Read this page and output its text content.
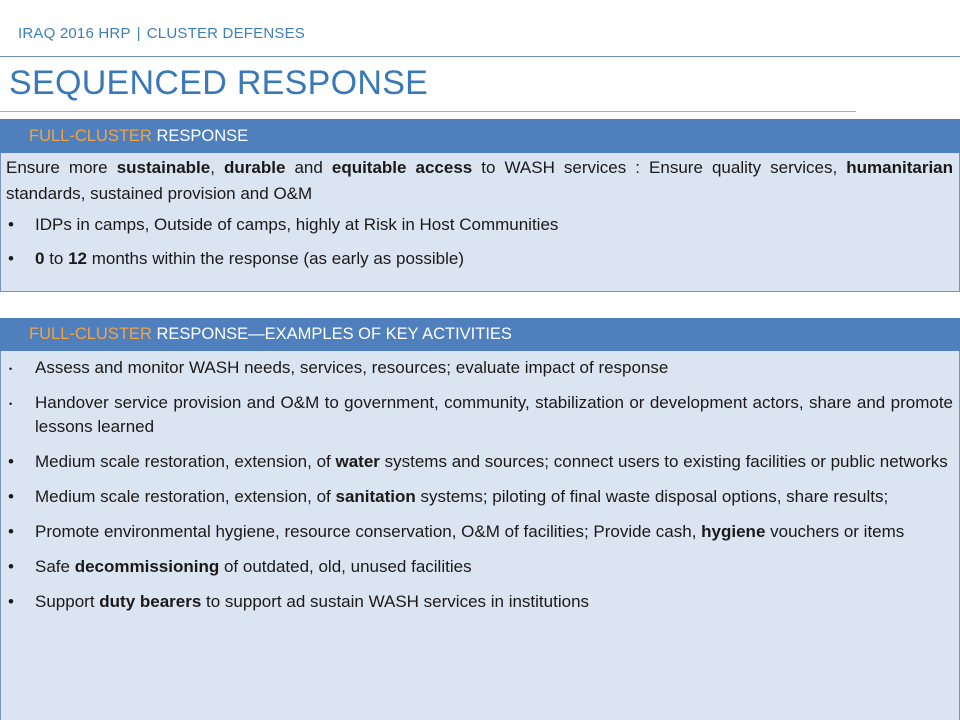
IRAQ 2016 HRP | CLUSTER DEFENSES
SEQUENCED RESPONSE
FULL-CLUSTER RESPONSE
Ensure more sustainable, durable and equitable access to WASH services : Ensure quality services, humanitarian standards, sustained provision and O&M
• IDPs in camps, Outside of camps, highly at Risk in Host Communities
• 0 to 12 months within the response (as early as possible)
FULL-CLUSTER RESPONSE—EXAMPLES OF KEY ACTIVITIES
• Assess and monitor WASH needs, services, resources; evaluate impact of response
• Handover service provision and O&M to government, community, stabilization or development actors, share and promote lessons learned
• Medium scale restoration, extension, of water systems and sources; connect users to existing facilities or public networks
• Medium scale restoration, extension, of sanitation systems; piloting of final waste disposal options, share results;
• Promote environmental hygiene, resource conservation, O&M of facilities; Provide cash, hygiene vouchers or items
• Safe decommissioning of outdated, old, unused facilities
• Support duty bearers to support ad sustain WASH services in institutions
